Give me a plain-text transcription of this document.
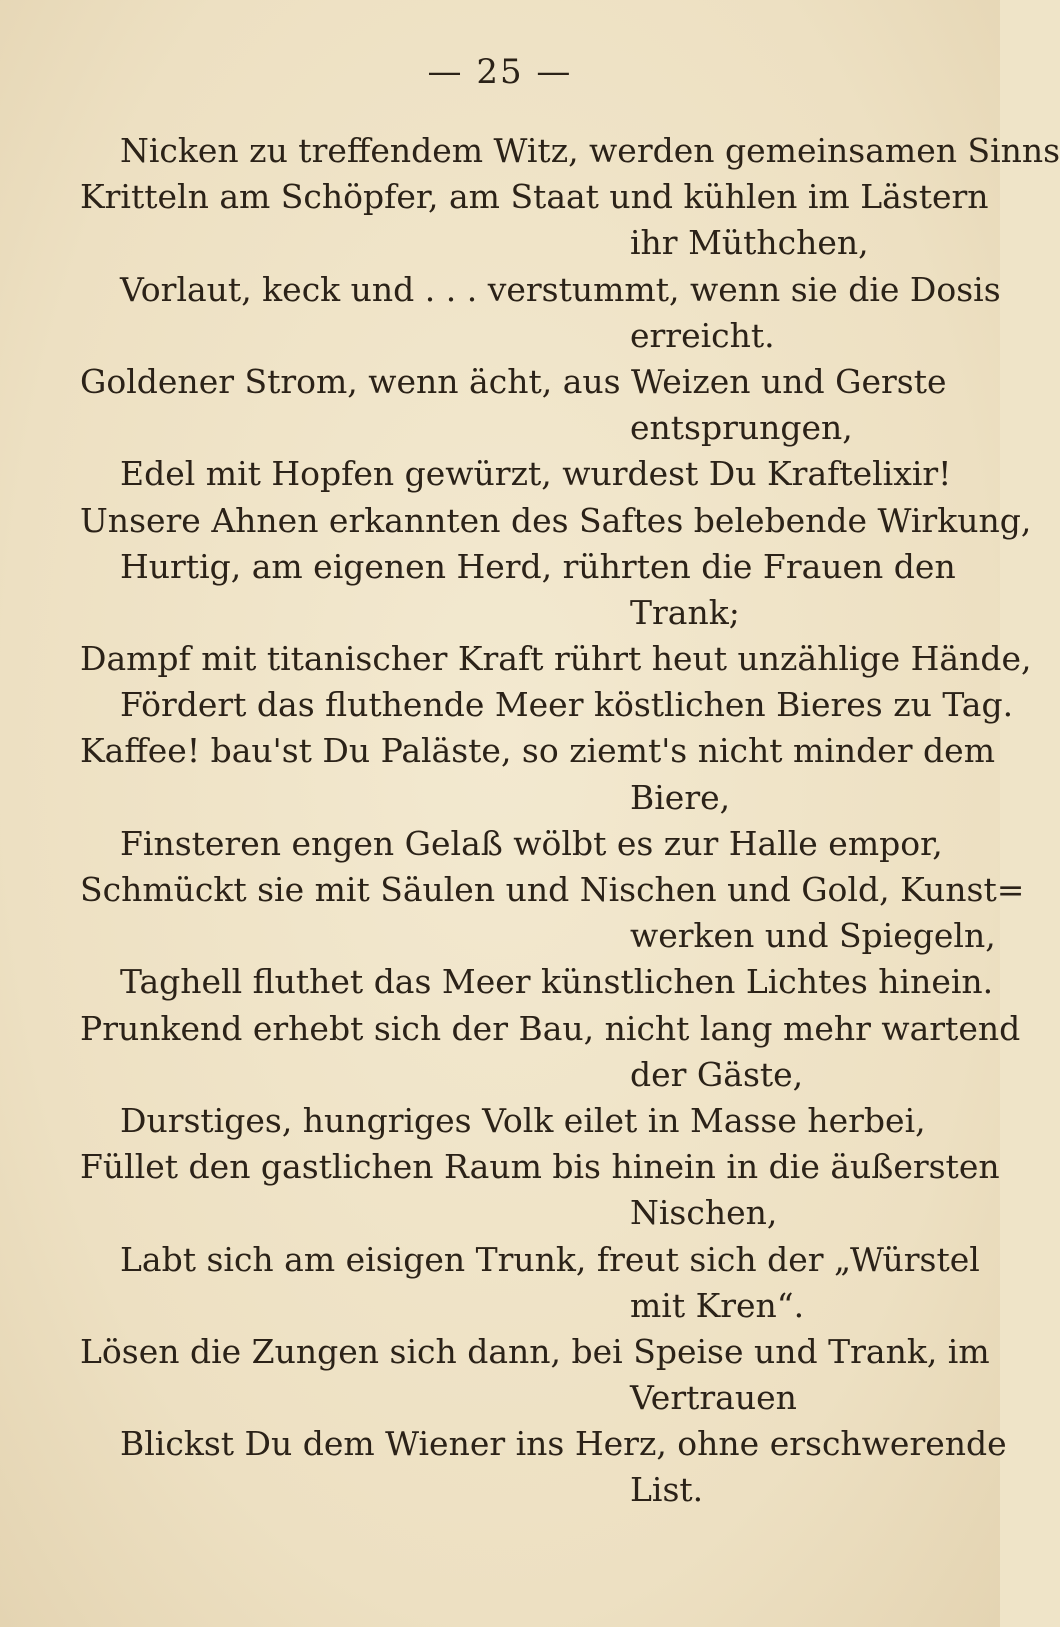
— 25 —
Nicken zu treffendem Witz, werden gemeinsamen Sinns
Kritteln am Schöpfer, am Staat und kühlen im Lästern
ihr Müthchen,
Vorlaut, keck und . . . verstummt, wenn sie die Dosis
erreicht.
Goldener Strom, wenn ächt, aus Weizen und Gerste
entsprungen,
Edel mit Hopfen gewürzt, wurdest Du Kraftelixir!
Unsere Ahnen erkannten des Saftes belebende Wirkung,
Hurtig, am eigenen Herd, rührten die Frauen den
Trank;
Dampf mit titanischer Kraft rührt heut unzählige Hände,
Fördert das fluthende Meer köstlichen Bieres zu Tag.
Kaffee! bau'st Du Paläste, so ziemt's nicht minder dem
Biere,
Finsteren engen Gelaß wölbt es zur Halle empor,
Schmückt sie mit Säulen und Nischen und Gold, Kunst=
werken und Spiegeln,
Taghell fluthet das Meer künstlichen Lichtes hinein.
Prunkend erhebt sich der Bau, nicht lang mehr wartend
der Gäste,
Durstiges, hungriges Volk eilet in Masse herbei,
Füllet den gastlichen Raum bis hinein in die äußersten
Nischen,
Labt sich am eisigen Trunk, freut sich der „Würstel
mit Kren“.
Lösen die Zungen sich dann, bei Speise und Trank, im
Vertrauen
Blickst Du dem Wiener ins Herz, ohne erschwerende
List.
